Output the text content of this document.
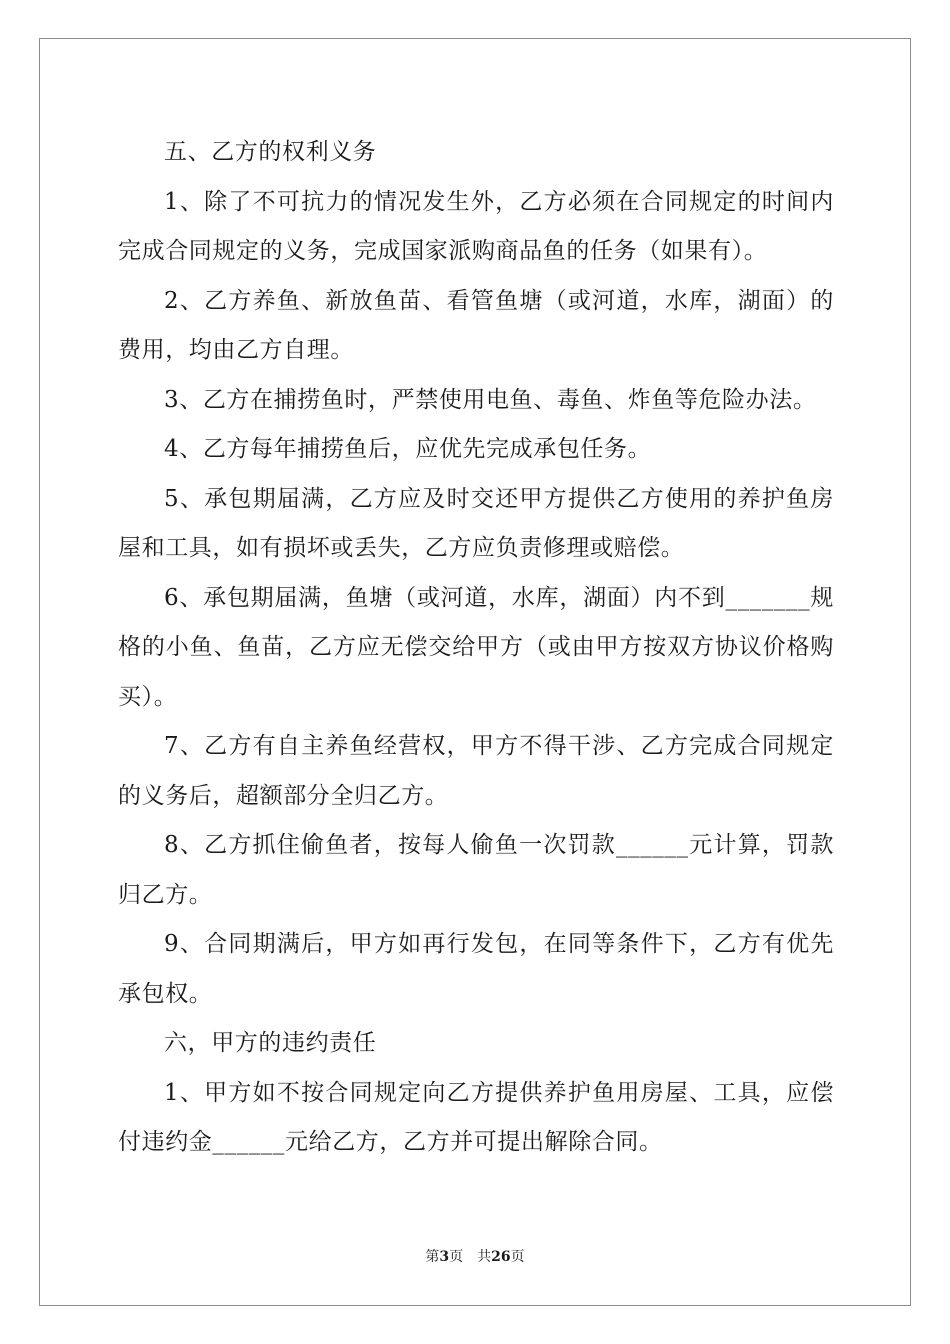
五、乙方的权利义务

1、除了不可抗力的情况发生外，乙方必须在合同规定的时间内完成合同规定的义务，完成国家派购商品鱼的任务（如果有）。

2、乙方养鱼、新放鱼苗、看管鱼塘（或河道，水库，湖面）的费用，均由乙方自理。

3、乙方在捕捞鱼时，严禁使用电鱼、毒鱼、炸鱼等危险办法。

4、乙方每年捕捞鱼后，应优先完成承包任务。

5、承包期届满，乙方应及时交还甲方提供乙方使用的养护鱼房屋和工具，如有损坏或丢失，乙方应负责修理或赔偿。

6、承包期届满，鱼塘（或河道，水库，湖面）内不到_______规格的小鱼、鱼苗，乙方应无偿交给甲方（或由甲方按双方协议价格购买）。

7、乙方有自主养鱼经营权，甲方不得干涉、乙方完成合同规定的义务后，超额部分全归乙方。

8、乙方抓住偷鱼者，按每人偷鱼一次罚款______元计算，罚款归乙方。

9、合同期满后，甲方如再行发包，在同等条件下，乙方有优先承包权。

六，甲方的违约责任

1、甲方如不按合同规定向乙方提供养护鱼用房屋、工具，应偿付违约金______元给乙方，乙方并可提出解除合同。

第3页 共26页
